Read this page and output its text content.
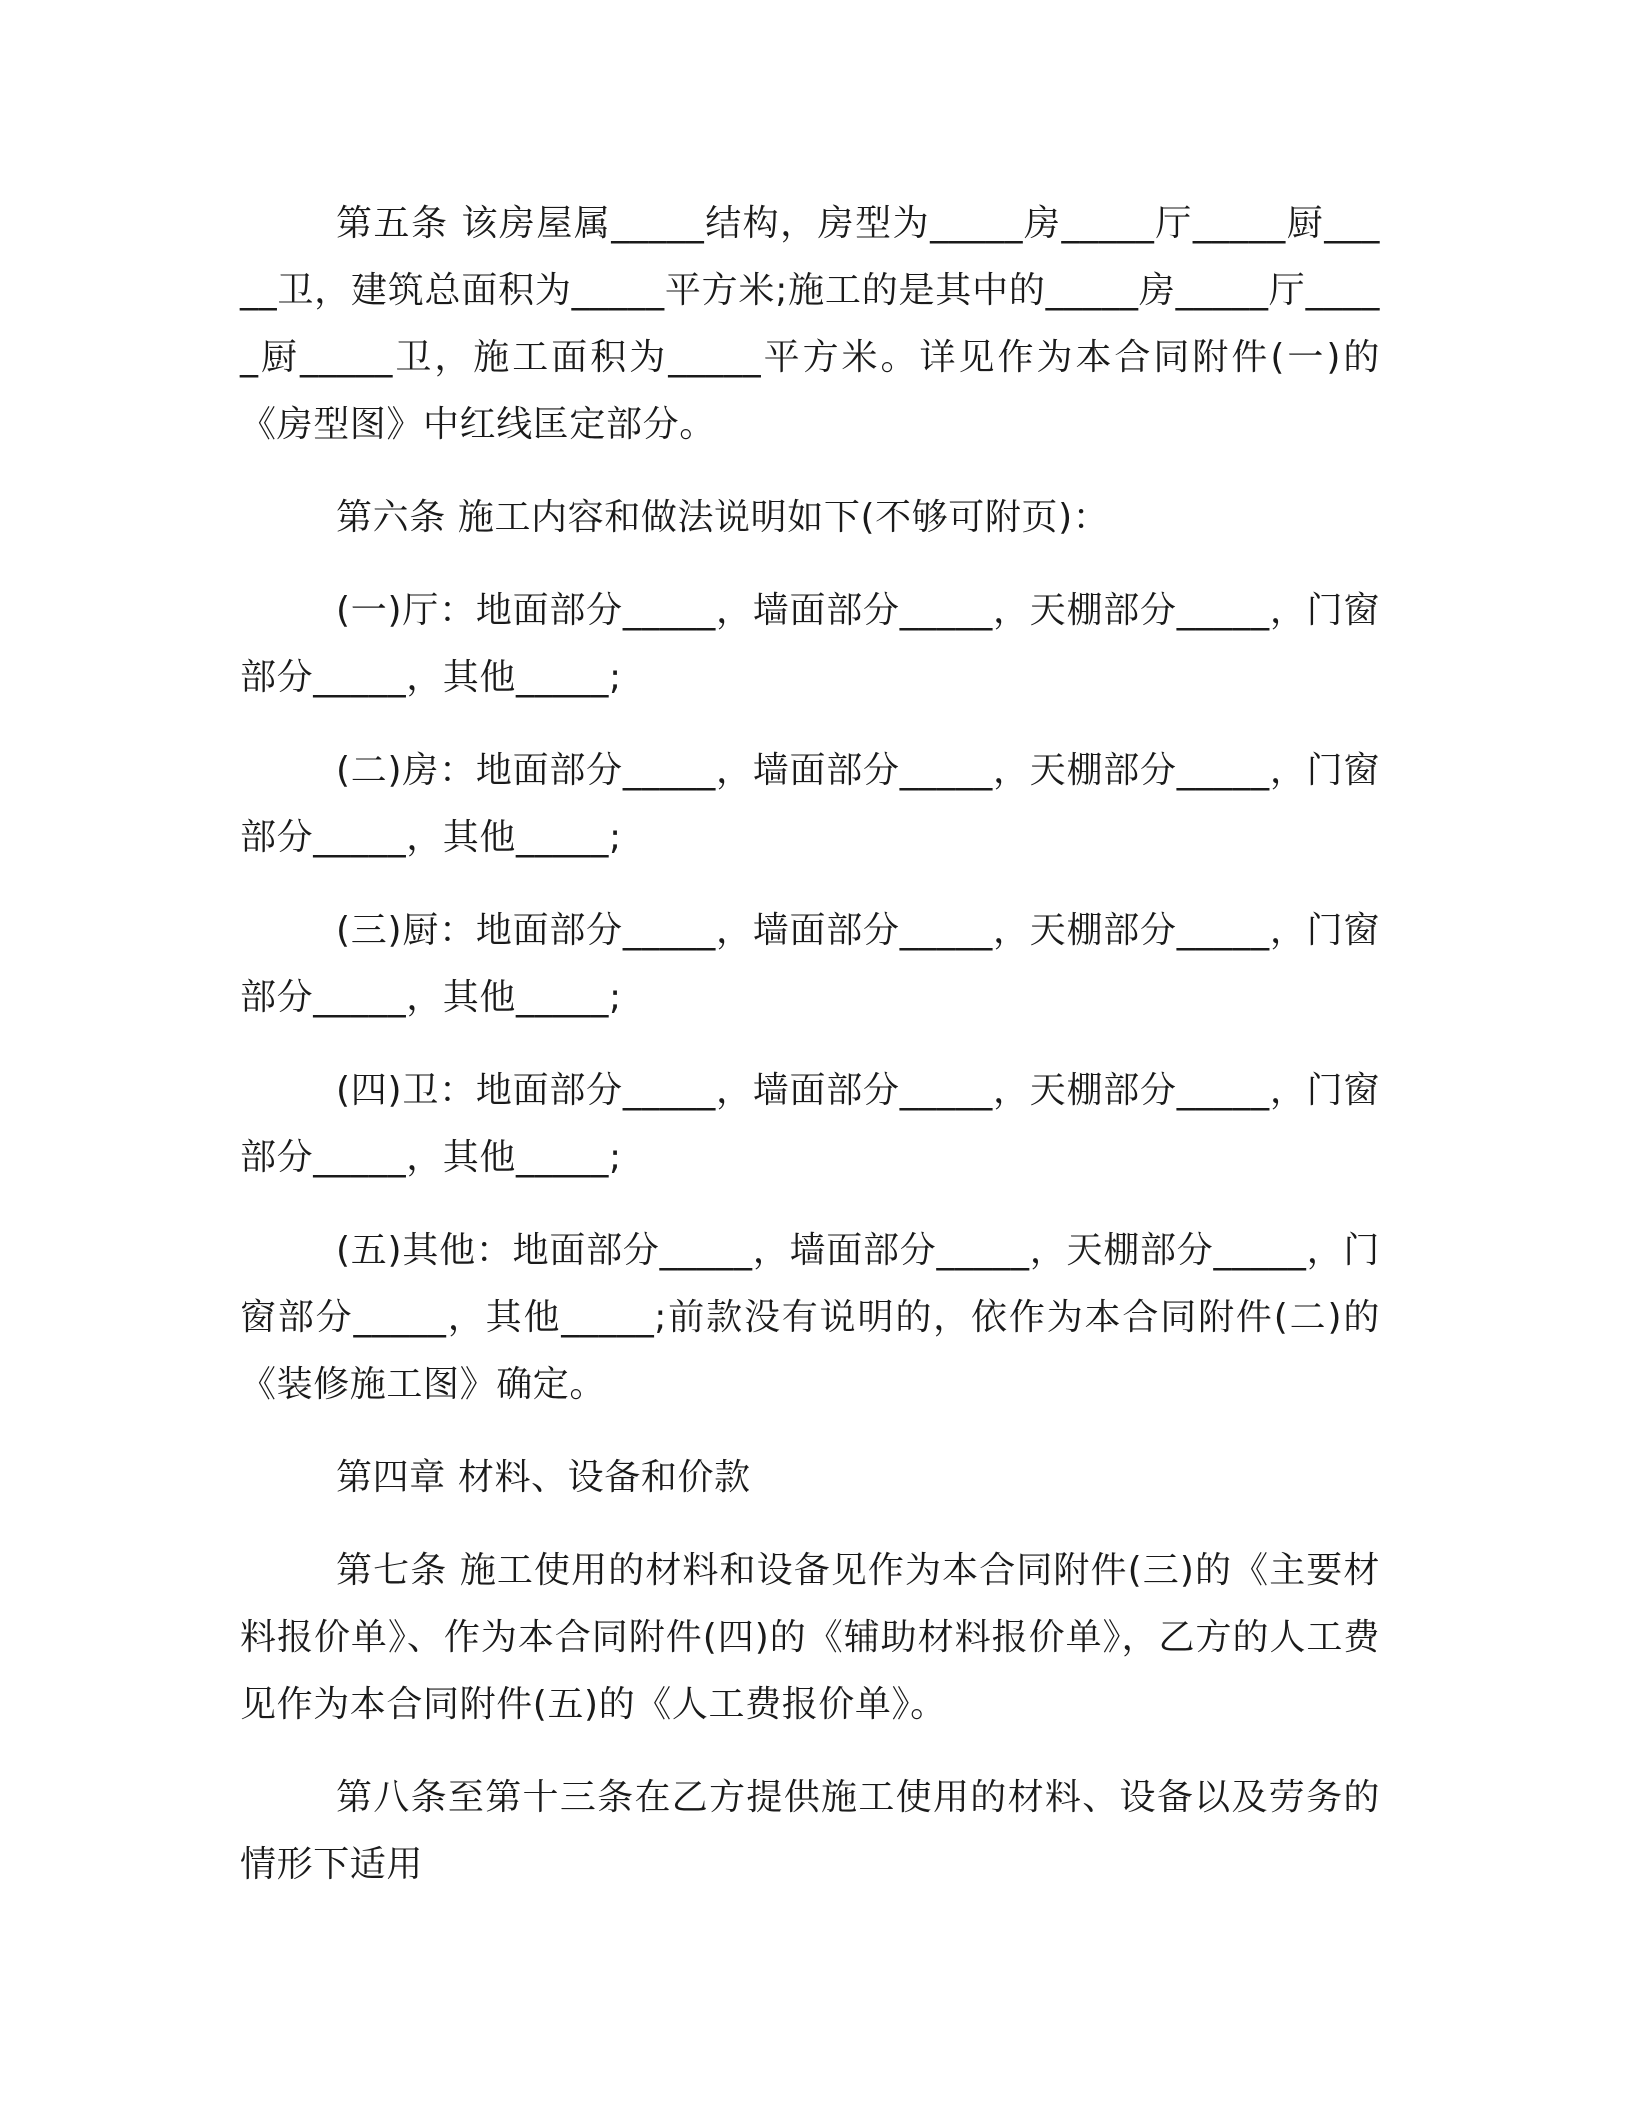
第五条 该房屋属_____结构，房型为_____房_____厅_____厨_____卫，建筑总面积为_____平方米;施工的是其中的_____房_____厅_____厨_____卫，施工面积为_____平方米。详见作为本合同附件(一)的《房型图》中红线匡定部分。

第六条 施工内容和做法说明如下(不够可附页)：

(一)厅：地面部分_____，墙面部分_____，天棚部分_____，门窗部分_____，其他_____;

(二)房：地面部分_____，墙面部分_____，天棚部分_____，门窗部分_____，其他_____;

(三)厨：地面部分_____，墙面部分_____，天棚部分_____，门窗部分_____，其他_____;

(四)卫：地面部分_____，墙面部分_____，天棚部分_____，门窗部分_____，其他_____;

(五)其他：地面部分_____，墙面部分_____，天棚部分_____，门窗部分_____，其他_____;前款没有说明的，依作为本合同附件(二)的《装修施工图》确定。

第四章 材料、设备和价款

第七条 施工使用的材料和设备见作为本合同附件(三)的《主要材料报价单》、作为本合同附件(四)的《辅助材料报价单》，乙方的人工费见作为本合同附件(五)的《人工费报价单》。

第八条至第十三条在乙方提供施工使用的材料、设备以及劳务的情形下适用
